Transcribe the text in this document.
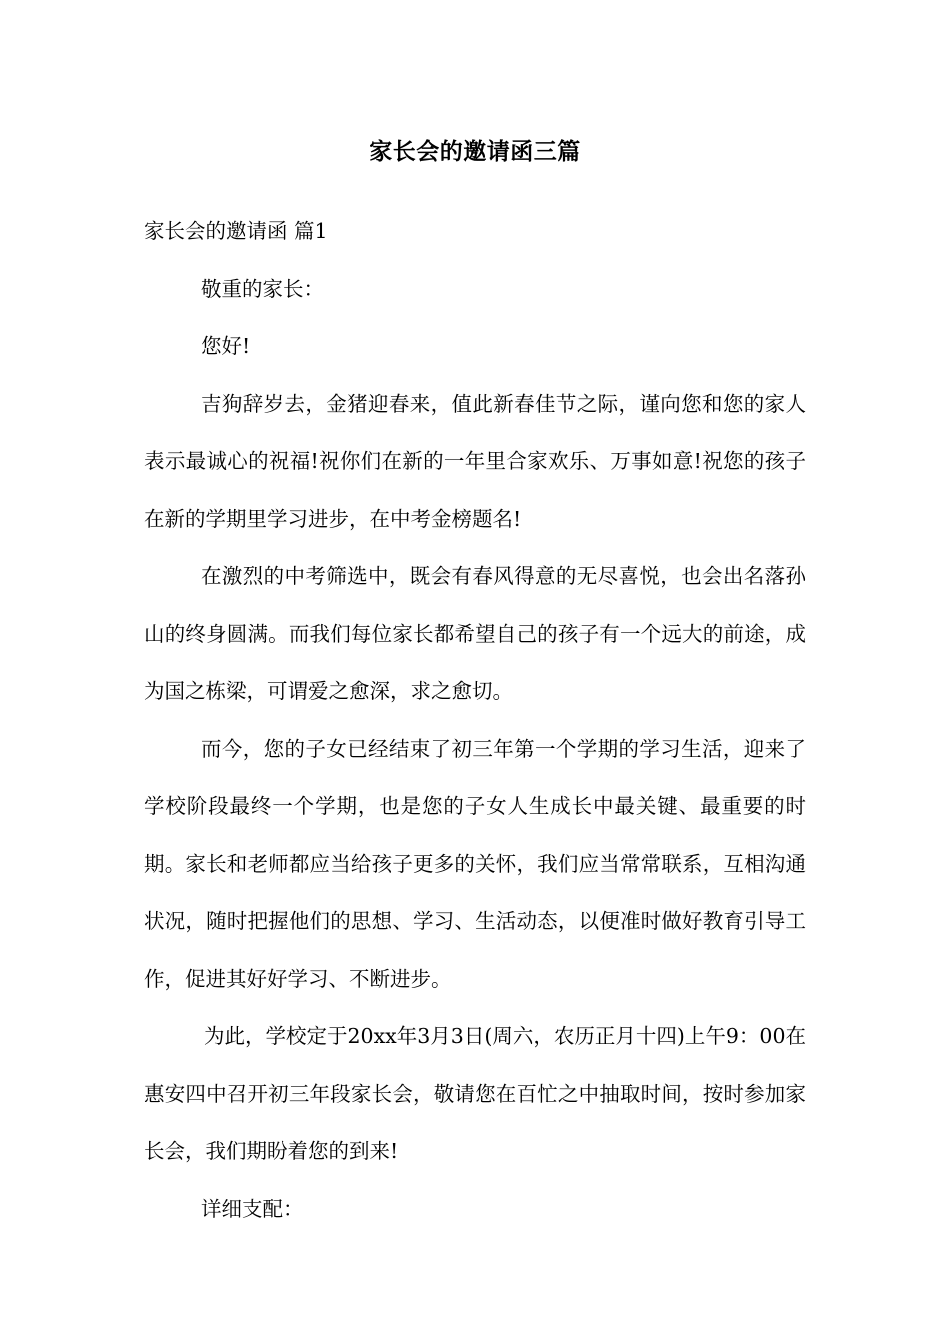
家长会的邀请函三篇

家长会的邀请函 篇1

敬重的家长：

您好!

吉狗辞岁去，金猪迎春来，值此新春佳节之际，谨向您和您的家人表示最诚心的祝福!祝你们在新的一年里合家欢乐、万事如意!祝您的孩子在新的学期里学习进步，在中考金榜题名!

在激烈的中考筛选中，既会有春风得意的无尽喜悦，也会出名落孙山的终身圆满。而我们每位家长都希望自己的孩子有一个远大的前途，成为国之栋梁，可谓爱之愈深，求之愈切。

而今，您的子女已经结束了初三年第一个学期的学习生活，迎来了学校阶段最终一个学期，也是您的子女人生成长中最关键、最重要的时期。家长和老师都应当给孩子更多的关怀，我们应当常常联系，互相沟通状况，随时把握他们的思想、学习、生活动态，以便准时做好教育引导工作，促进其好好学习、不断进步。

为此，学校定于20xx年3月3日(周六，农历正月十四)上午9：00在惠安四中召开初三年段家长会，敬请您在百忙之中抽取时间，按时参加家长会，我们期盼着您的到来!

详细支配：
